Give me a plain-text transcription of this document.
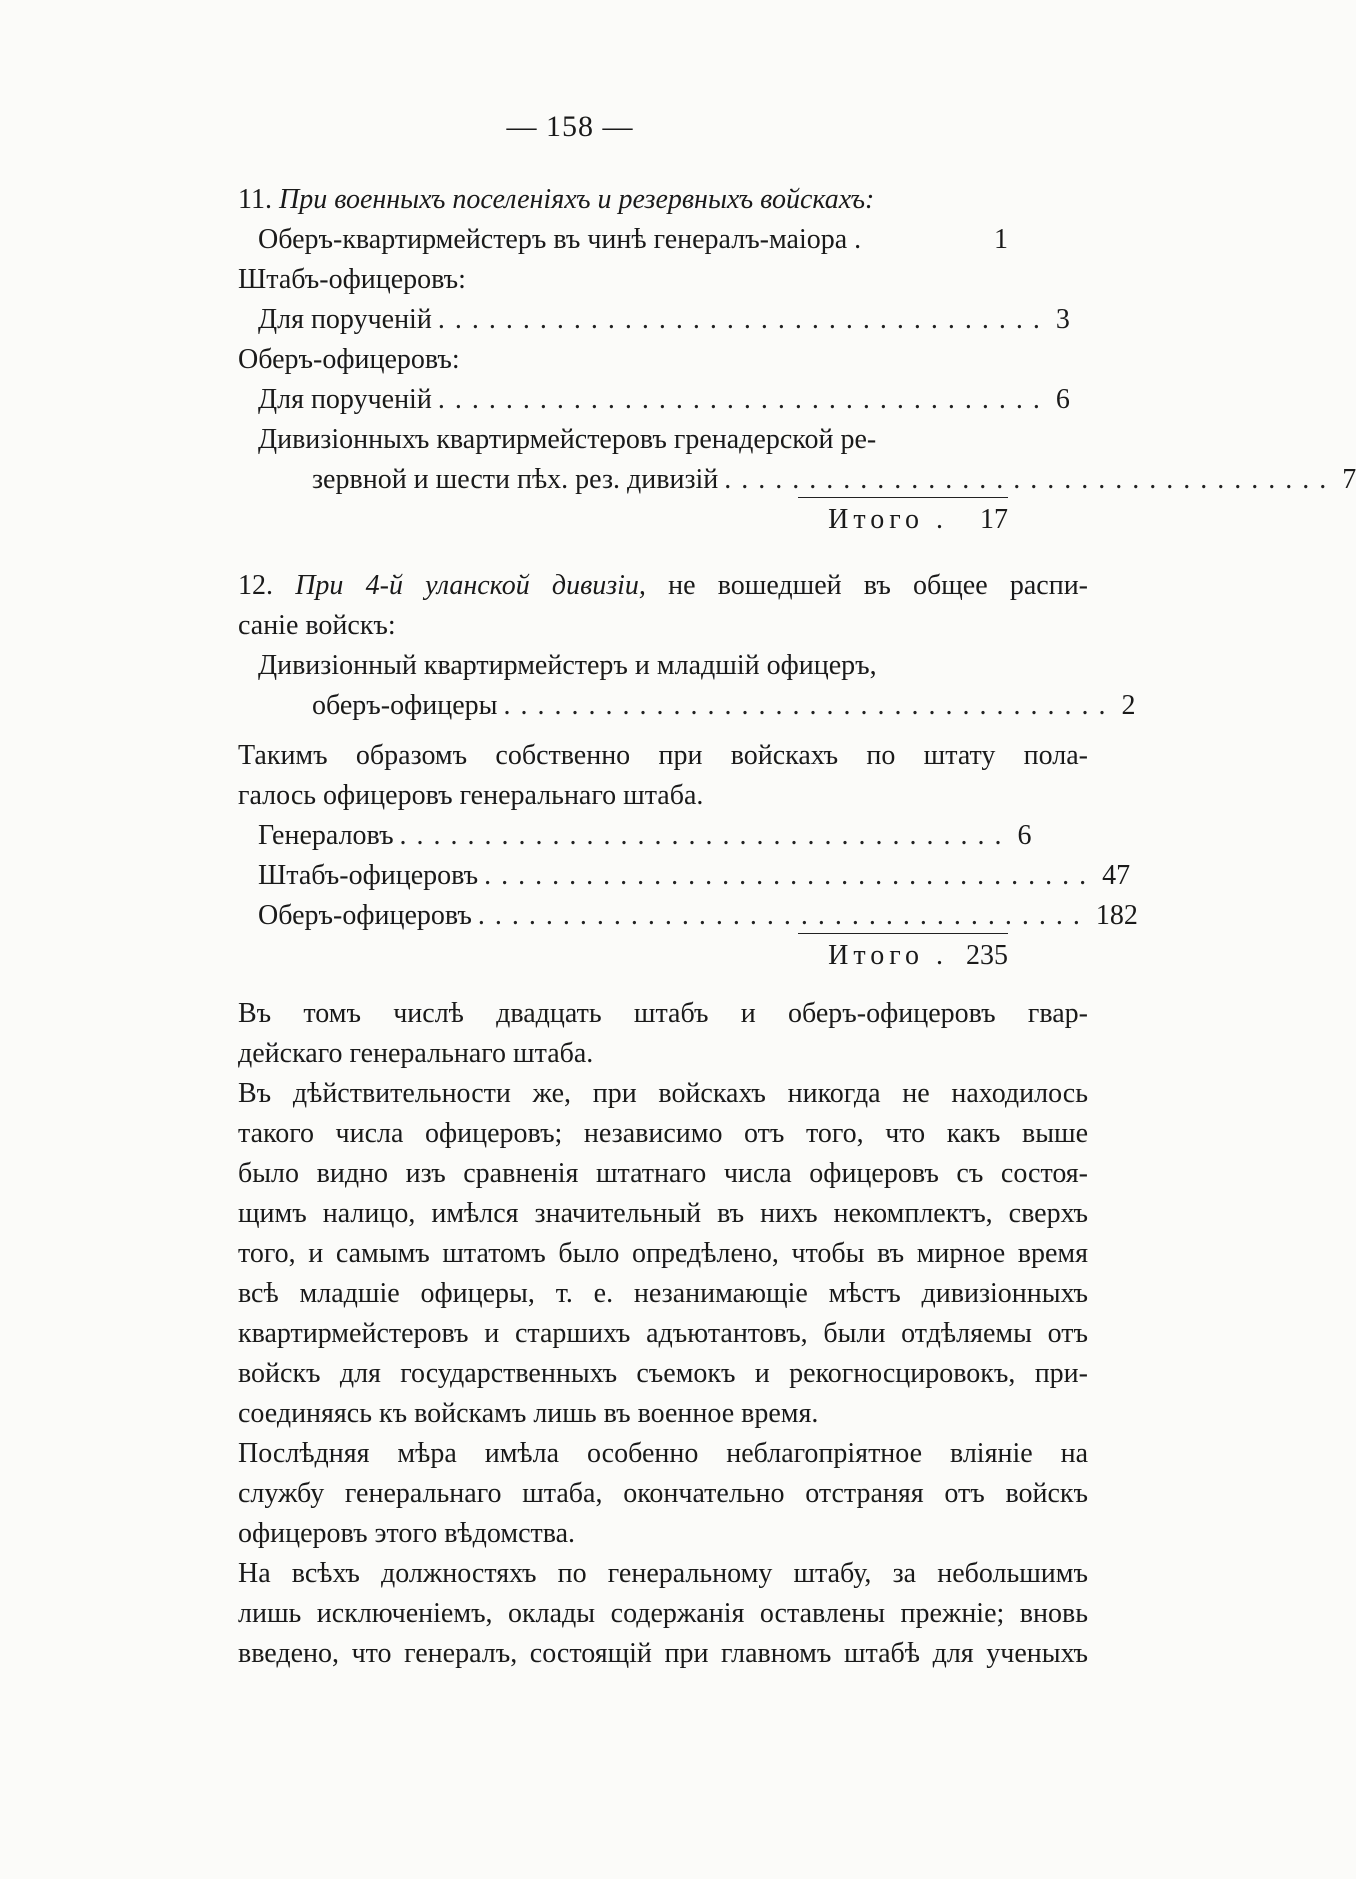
— 158 —
11. При военныхъ поселеніяхъ и резервныхъ войскахъ:
Оберъ-квартирмейстеръ въ чинѣ генералъ-маіора .	1
Штабъ-офицеровъ:
Для порученій .................................... 3
Оберъ-офицеровъ:
Для порученій .................................... 6
Дивизіонныхъ квартирмейстеровъ гренадерской ре-
зервной и шести пѣх. рез. дивизій .................................... 7
Итого .	17
12. При 4-й уланской дивизіи, не вошедшей въ общее распи-
саніе войскъ:
Дивизіонный квартирмейстеръ и младшій офицеръ,
оберъ-офицеры .................................... 2
Такимъ образомъ собственно при войскахъ по штату пола-
галось офицеровъ генеральнаго штаба.
Генераловъ .................................... 6
Штабъ-офицеровъ .................................... 47
Оберъ-офицеровъ .................................... 182
Итого . 235
Въ томъ числѣ двадцать штабъ и оберъ-офицеровъ гвар-
дейскаго генеральнаго штаба.
Въ дѣйствительности же, при войскахъ никогда не находилось
такого числа офицеровъ; независимо отъ того, что какъ выше
было видно изъ сравненія штатнаго числа офицеровъ съ состоя-
щимъ налицо, имѣлся значительный въ нихъ некомплектъ, сверхъ
того, и самымъ штатомъ было опредѣлено, чтобы въ мирное время
всѣ младшіе офицеры, т. е. незанимающіе мѣстъ дивизіонныхъ
квартирмейстеровъ и старшихъ адъютантовъ, были отдѣляемы отъ
войскъ для государственныхъ съемокъ и рекогносцировокъ, при-
соединяясь къ войскамъ лишь въ военное время.
Послѣдняя мѣра имѣла особенно неблагопріятное вліяніе на
службу генеральнаго штаба, окончательно отстраняя отъ войскъ
офицеровъ этого вѣдомства.
На всѣхъ должностяхъ по генеральному штабу, за небольшимъ
лишь исключеніемъ, оклады содержанія оставлены прежніе; вновь
введено, что генералъ, состоящій при главномъ штабѣ для ученыхъ
